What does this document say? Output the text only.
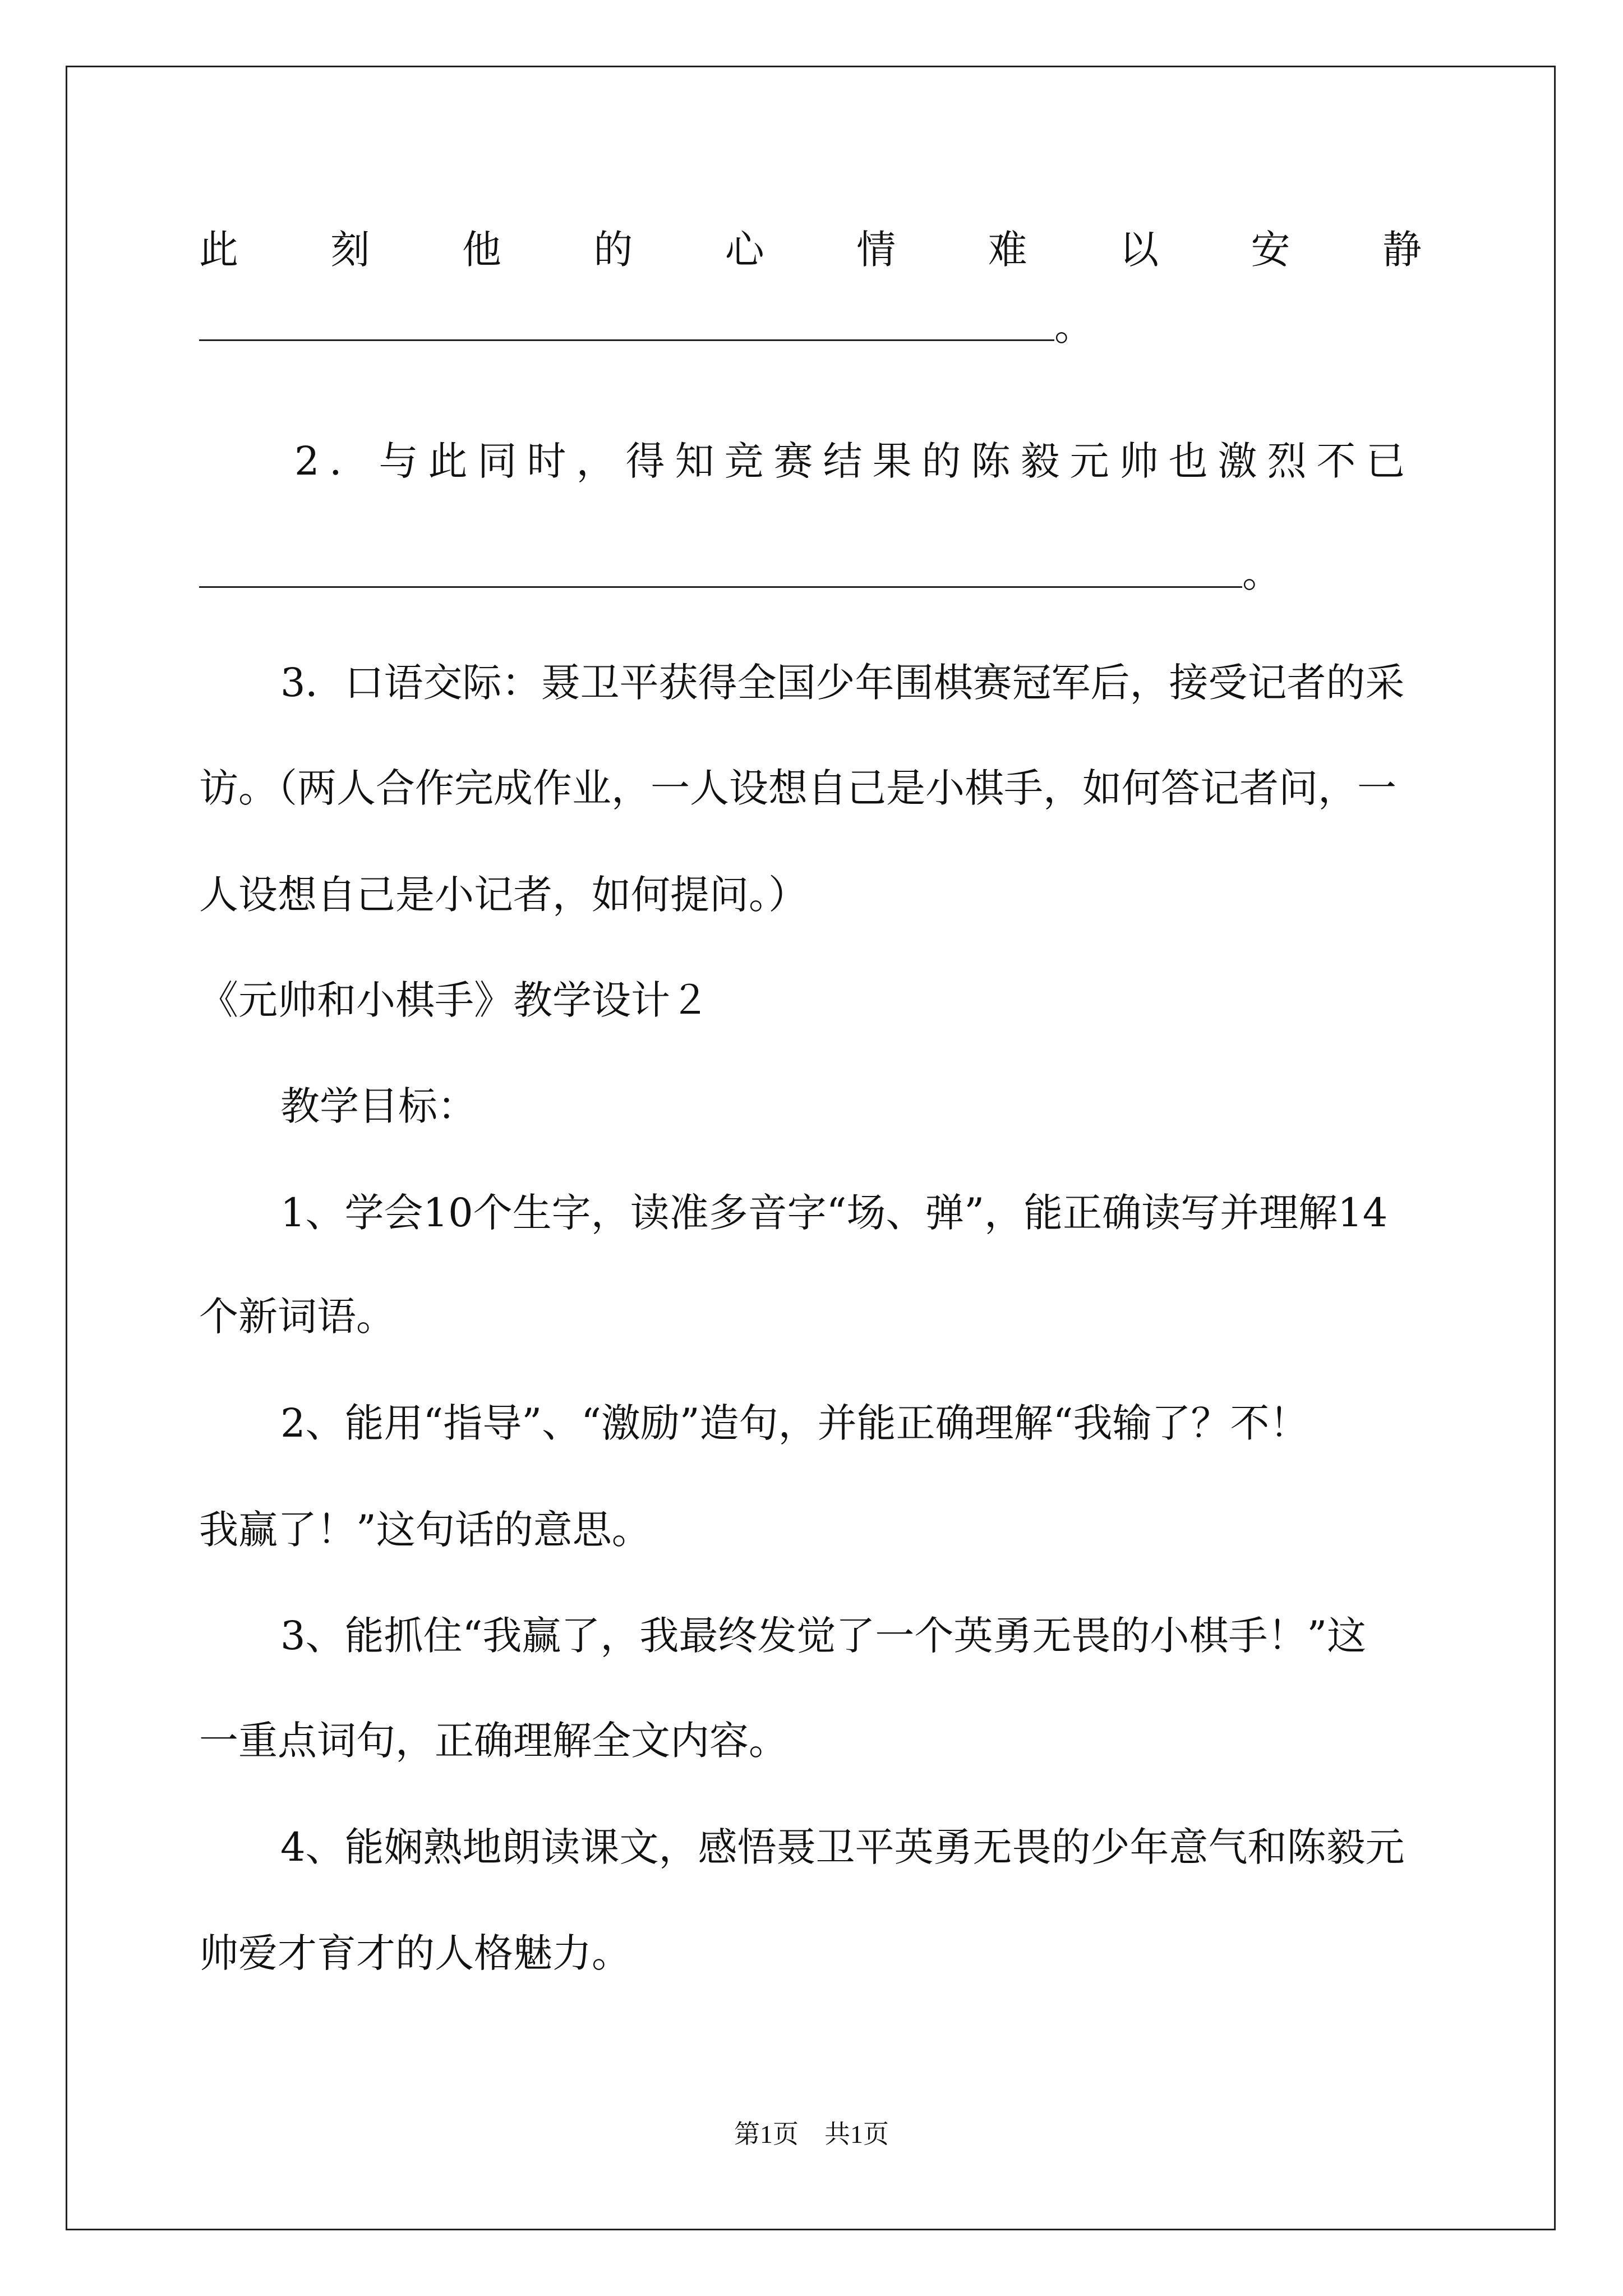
此 刻 他 的 心 情 难 以 安 静
。
2．与此同时，得知竞赛结果的陈毅元帅也激烈不已
。
3．口语交际：聂卫平获得全国少年围棋赛冠军后，接受记者的采
访。（两人合作完成作业，一人设想自己是小棋手，如何答记者问，一
人设想自己是小记者，如何提问。）
《元帅和小棋手》教学设计２
教学目标：
1、学会10个生字，读准多音字“场、弹”，能正确读写并理解14
个新词语。
2、能用“指导”、“激励”造句，并能正确理解“我输了？不！
我赢了！”这句话的意思。
3、能抓住“我赢了，我最终发觉了一个英勇无畏的小棋手！”这
一重点词句，正确理解全文内容。
4、能娴熟地朗读课文，感悟聂卫平英勇无畏的少年意气和陈毅元
帅爱才育才的人格魅力。
第1页　共1页
